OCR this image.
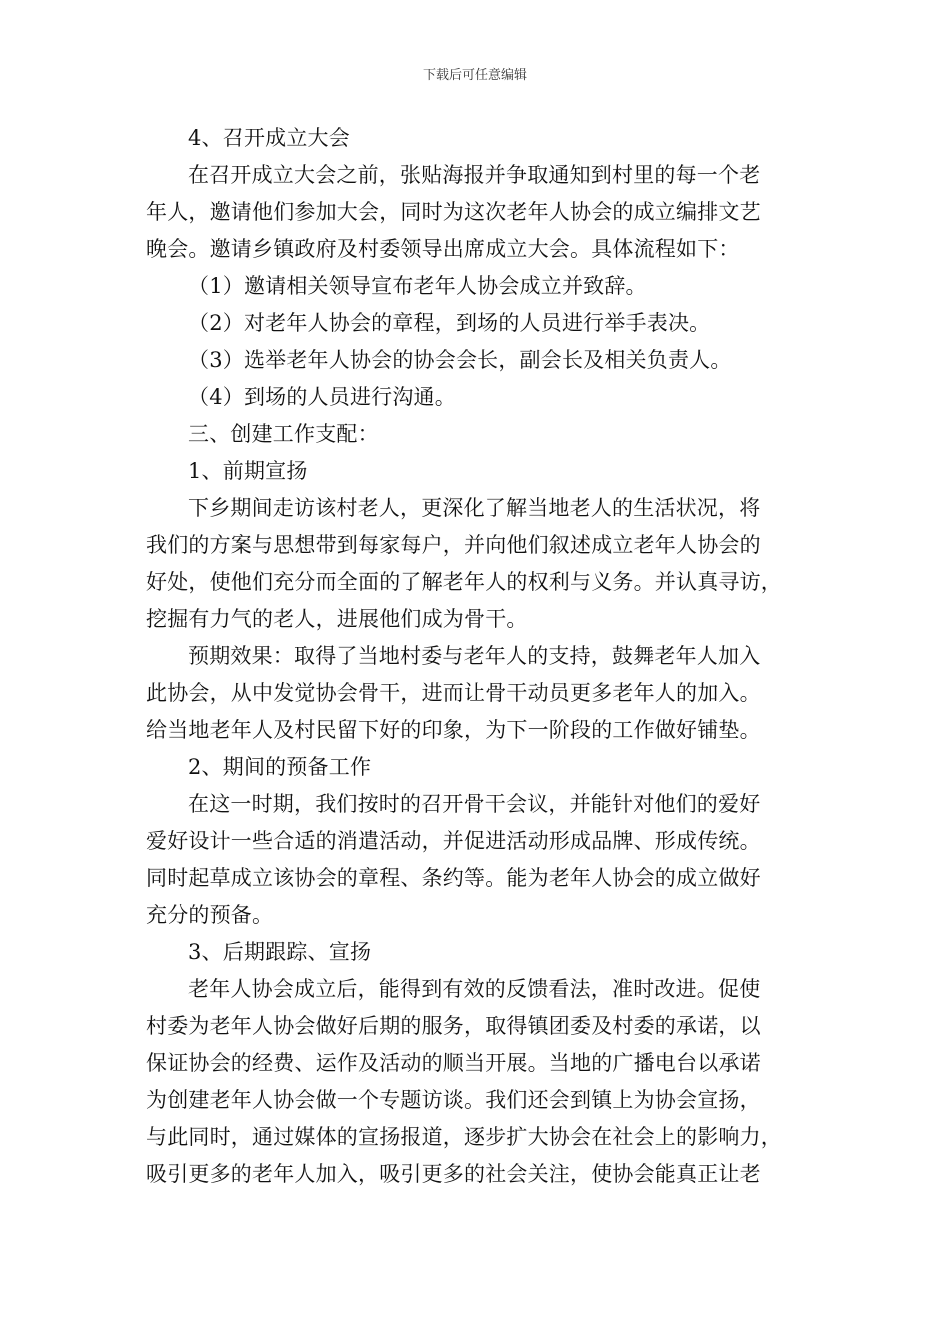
下载后可任意编辑
4、召开成立大会
在召开成立大会之前，张贴海报并争取通知到村里的每一个老
年人，邀请他们参加大会，同时为这次老年人协会的成立编排文艺
晚会。邀请乡镇政府及村委领导出席成立大会。具体流程如下：
（1）邀请相关领导宣布老年人协会成立并致辞。
（2）对老年人协会的章程，到场的人员进行举手表决。
（3）选举老年人协会的协会会长，副会长及相关负责人。
（4）到场的人员进行沟通。
三、创建工作支配：
1、前期宣扬
下乡期间走访该村老人，更深化了解当地老人的生活状况，将
我们的方案与思想带到每家每户，并向他们叙述成立老年人协会的
好处，使他们充分而全面的了解老年人的权利与义务。并认真寻访，
挖掘有力气的老人，进展他们成为骨干。
预期效果：取得了当地村委与老年人的支持，鼓舞老年人加入
此协会，从中发觉协会骨干，进而让骨干动员更多老年人的加入。
给当地老年人及村民留下好的印象，为下一阶段的工作做好铺垫。
2、期间的预备工作
在这一时期，我们按时的召开骨干会议，并能针对他们的爱好
爱好设计一些合适的消遣活动，并促进活动形成品牌、形成传统。
同时起草成立该协会的章程、条约等。能为老年人协会的成立做好
充分的预备。
3、后期跟踪、宣扬
老年人协会成立后，能得到有效的反馈看法，准时改进。促使
村委为老年人协会做好后期的服务，取得镇团委及村委的承诺，以
保证协会的经费、运作及活动的顺当开展。当地的广播电台以承诺
为创建老年人协会做一个专题访谈。我们还会到镇上为协会宣扬，
与此同时，通过媒体的宣扬报道，逐步扩大协会在社会上的影响力，
吸引更多的老年人加入，吸引更多的社会关注，使协会能真正让老
